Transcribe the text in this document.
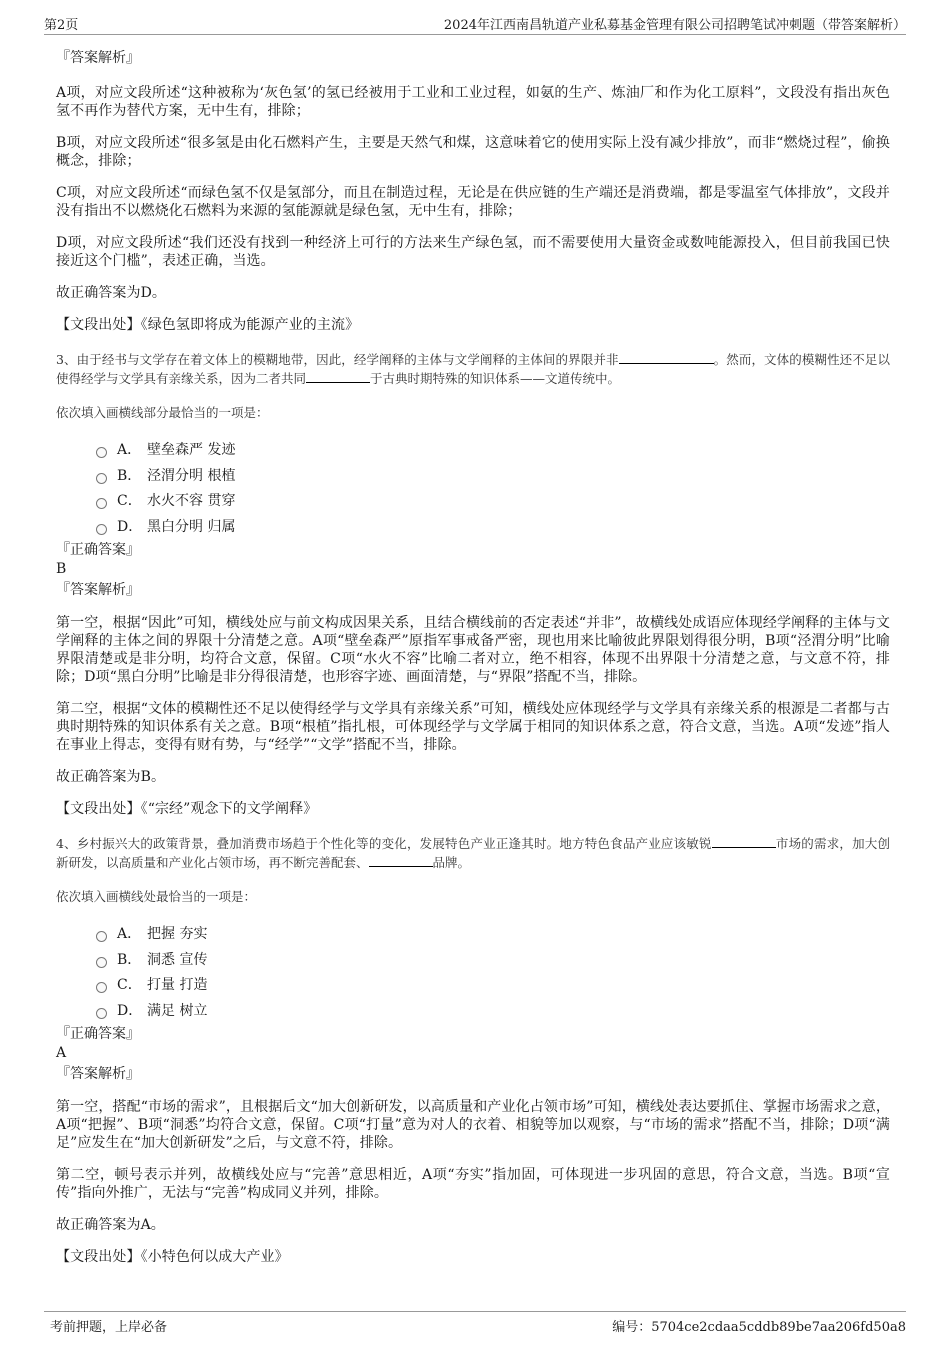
第2页	2024年江西南昌轨道产业私募基金管理有限公司招聘笔试冲刺题（带答案解析）

『答案解析』

A项，对应文段所述“这种被称为‘灰色氢’的氢已经被用于工业和工业过程，如氨的生产、炼油厂和作为化工原料”，文段没有指出灰色氢不再作为替代方案，无中生有，排除；

B项，对应文段所述“很多氢是由化石燃料产生，主要是天然气和煤，这意味着它的使用实际上没有减少排放”，而非“燃烧过程”，偷换概念，排除；

C项，对应文段所述“而绿色氢不仅是氢部分，而且在制造过程，无论是在供应链的生产端还是消费端，都是零温室气体排放”，文段并没有指出不以燃烧化石燃料为来源的氢能源就是绿色氢，无中生有，排除；

D项，对应文段所述“我们还没有找到一种经济上可行的方法来生产绿色氢，而不需要使用大量资金或数吨能源投入，但目前我国已快接近这个门槛”，表述正确，当选。

故正确答案为D。

【文段出处】《绿色氢即将成为能源产业的主流》

3、由于经书与文学存在着文体上的模糊地带，因此，经学阐释的主体与文学阐释的主体间的界限并非	。然而，文体的模糊性还不足以使得经学与文学具有亲缘关系，因为二者共同	于古典时期特殊的知识体系——文道传统中。

依次填入画横线部分最恰当的一项是：

A． 壁垒森严 发迹
B． 泾渭分明 根植
C． 水火不容 贯穿
D． 黑白分明 归属

『正确答案』

B

『答案解析』

第一空，根据“因此”可知，横线处应与前文构成因果关系，且结合横线前的否定表述“并非”，故横线处成语应体现经学阐释的主体与文学阐释的主体之间的界限十分清楚之意。A项“壁垒森严”原指军事戒备严密，现也用来比喻彼此界限划得很分明，B项“泾渭分明”比喻界限清楚或是非分明，均符合文意，保留。C项“水火不容”比喻二者对立，绝不相容，体现不出界限十分清楚之意，与文意不符，排除；D项“黑白分明”比喻是非分得很清楚，也形容字迹、画面清楚，与“界限”搭配不当，排除。

第二空，根据“文体的模糊性还不足以使得经学与文学具有亲缘关系”可知，横线处应体现经学与文学具有亲缘关系的根源是二者都与古典时期特殊的知识体系有关之意。B项“根植”指扎根，可体现经学与文学属于相同的知识体系之意，符合文意，当选。A项“发迹”指人在事业上得志，变得有财有势，与“经学”“文学”搭配不当，排除。

故正确答案为B。

【文段出处】《“宗经”观念下的文学阐释》

4、乡村振兴大的政策背景，叠加消费市场趋于个性化等的变化，发展特色产业正逢其时。地方特色食品产业应该敏锐	市场的需求，加大创新研发，以高质量和产业化占领市场，再不断完善配套、	品牌。

依次填入画横线处最恰当的一项是：

A． 把握 夯实
B． 洞悉 宣传
C． 打量 打造
D． 满足 树立

『正确答案』

A

『答案解析』

第一空，搭配“市场的需求”，且根据后文“加大创新研发，以高质量和产业化占领市场”可知，横线处表达要抓住、掌握市场需求之意，A项“把握”、B项“洞悉”均符合文意，保留。C项“打量”意为对人的衣着、相貌等加以观察，与“市场的需求”搭配不当，排除；D项“满足”应发生在“加大创新研发”之后，与文意不符，排除。

第二空，顿号表示并列，故横线处应与“完善”意思相近，A项“夯实”指加固，可体现进一步巩固的意思，符合文意，当选。B项“宣传”指向外推广，无法与“完善”构成同义并列，排除。

故正确答案为A。

【文段出处】《小特色何以成大产业》

考前押题，上岸必备	编号：5704ce2cdaa5cddb89be7aa206fd50a8
